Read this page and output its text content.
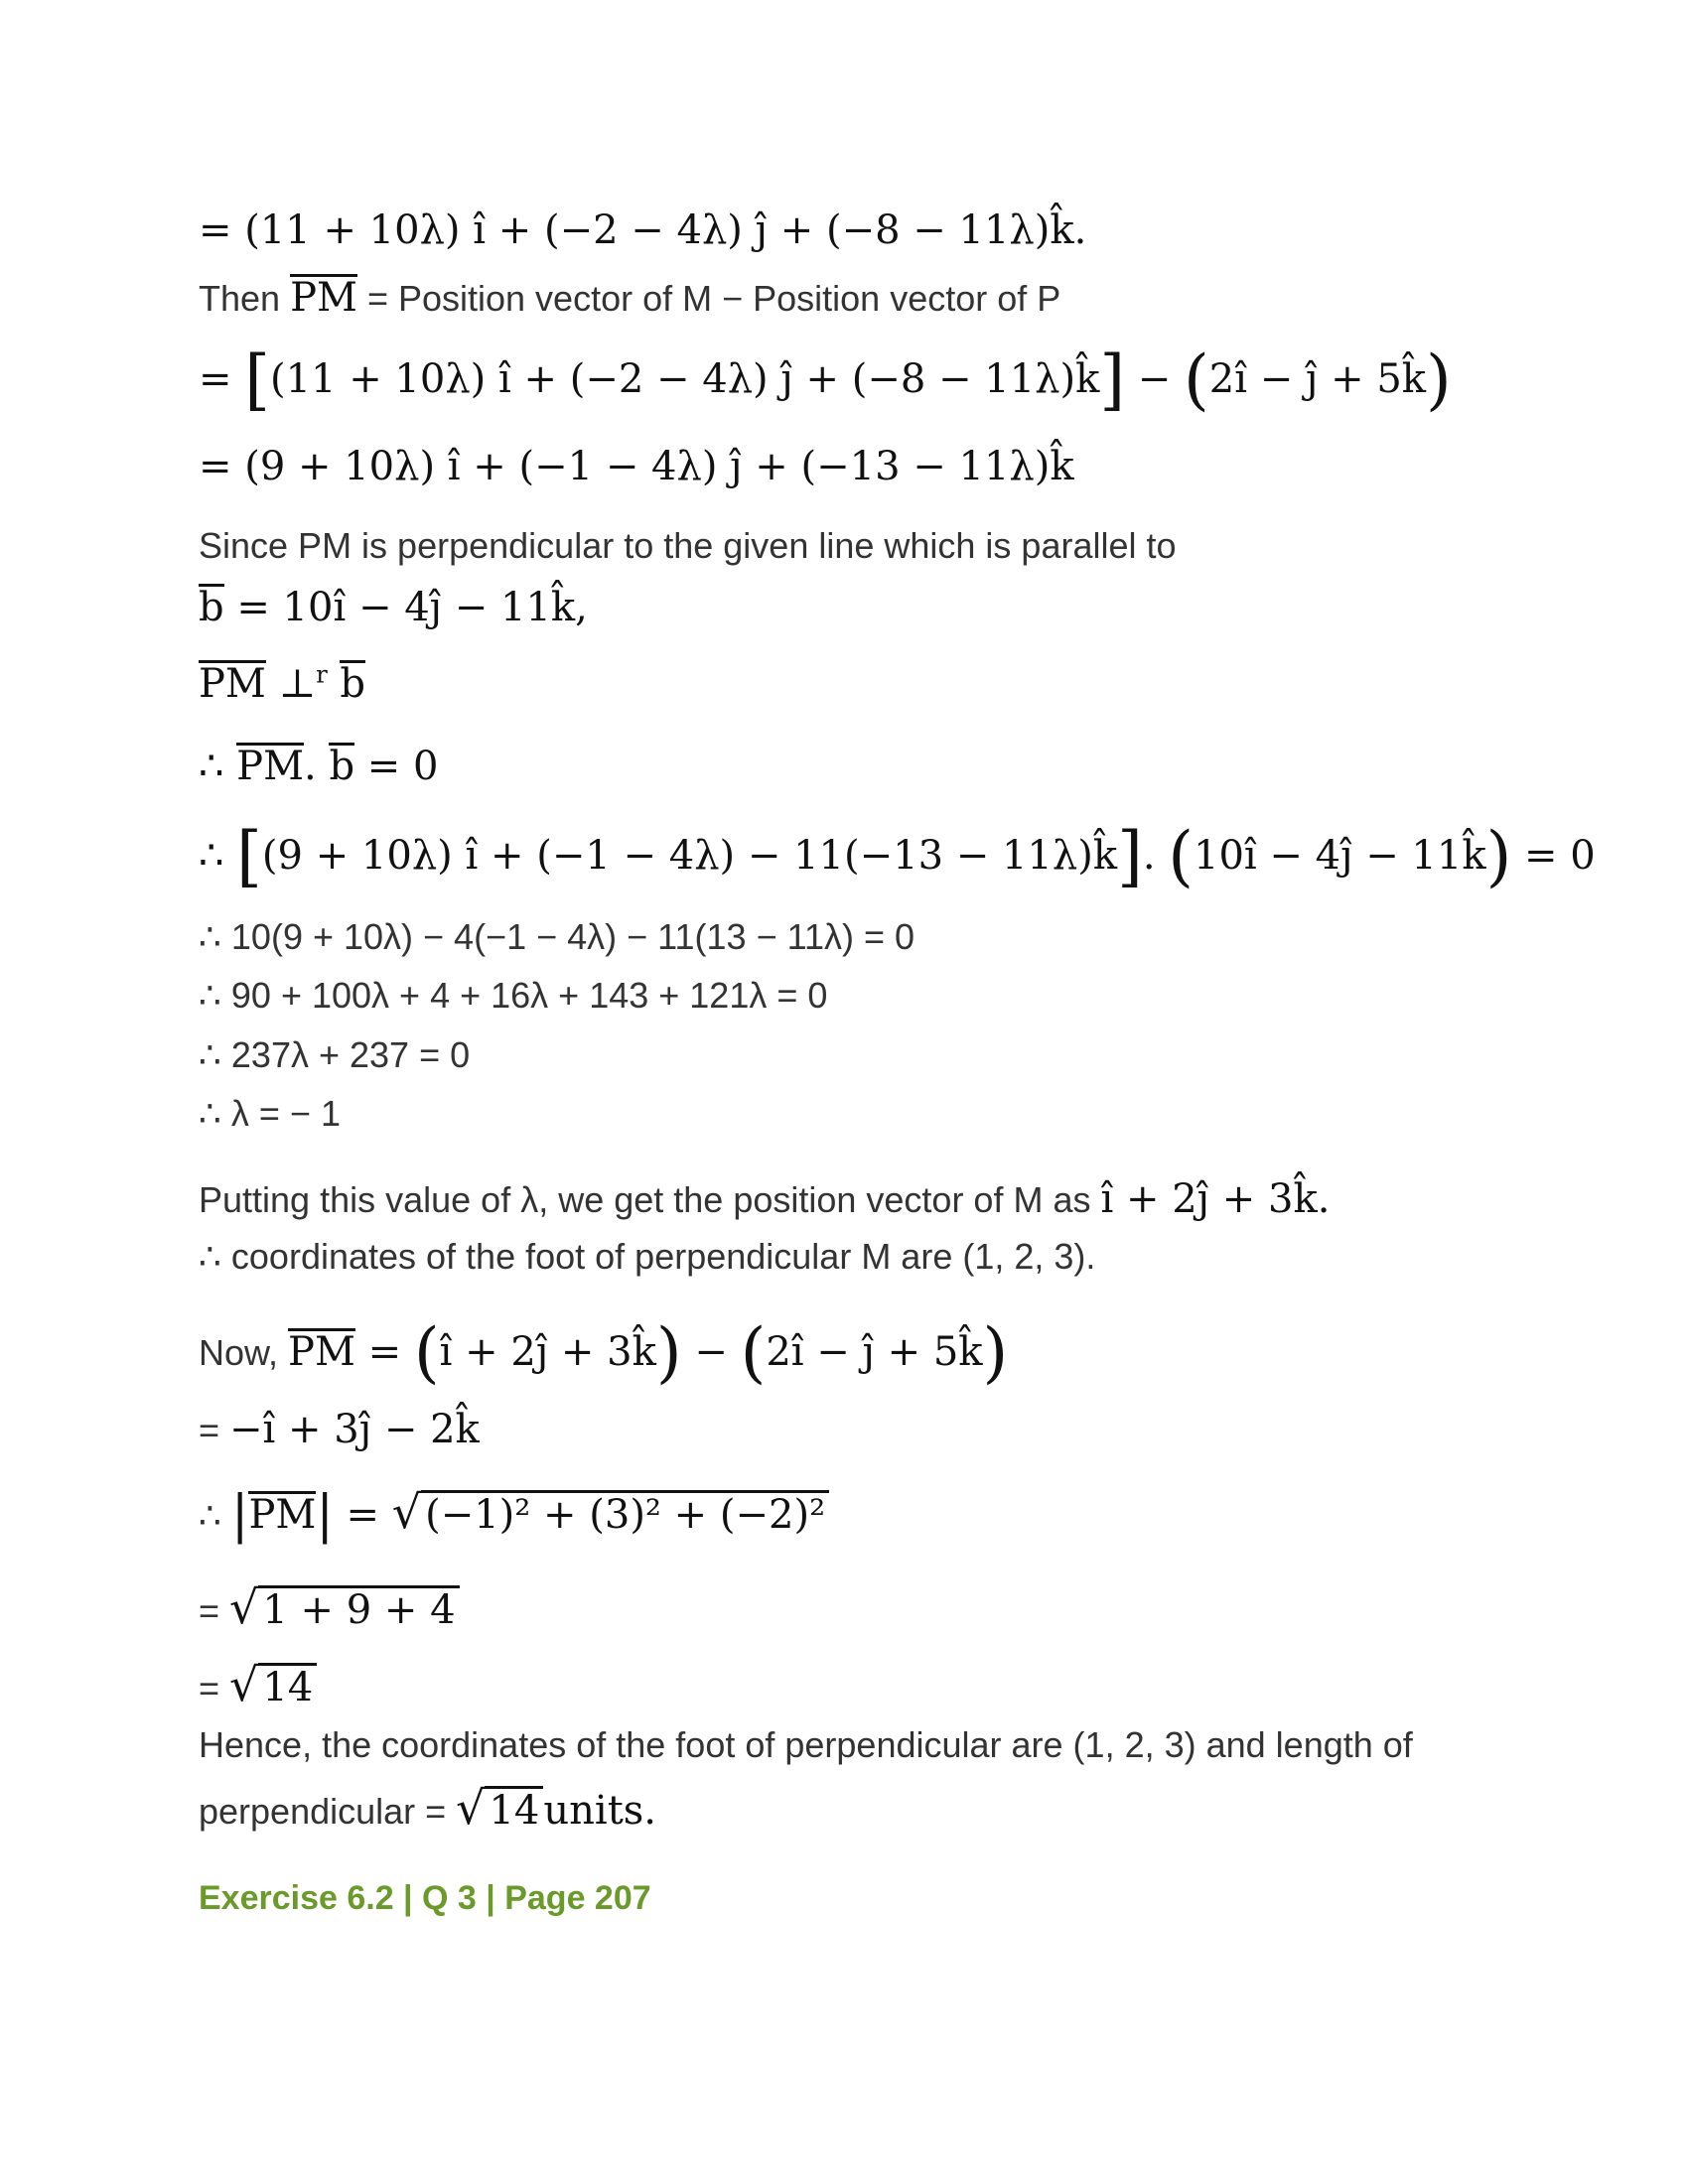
= (11 + 10λ) î + (−2 − 4λ) ĵ + (−8 − 11λ)k̂.
Then PM = Position vector of M − Position vector of P
= [(11 + 10λ) î + (−2 − 4λ) ĵ + (−8 − 11λ)k̂] − (2î − ĵ + 5k̂)
= (9 + 10λ) î + (−1 − 4λ) ĵ + (−13 − 11λ)k̂
Since PM is perpendicular to the given line which is parallel to
b = 10î − 4ĵ − 11k̂,
PM ⊥$^r$ b
∴ PM. b = 0
∴ [(9 + 10λ) î + (−1 − 4λ) − 11(−13 − 11λ)k̂]. (10î − 4ĵ − 11k̂) = 0
∴ 10(9 + 10λ) − 4(−1 − 4λ) − 11(13 − 11λ) = 0
∴ 90 + 100λ + 4 + 16λ + 143 + 121λ = 0
∴ 237λ + 237 = 0
∴ λ = − 1
Putting this value of λ, we get the position vector of M as î + 2ĵ + 3k̂.
∴ coordinates of the foot of perpendicular M are (1, 2, 3).
Now, PM = (î + 2ĵ + 3k̂) − (2î − ĵ + 5k̂)
= −î + 3ĵ − 2k̂
∴ |PM| = √ (−1)² + (3)² + (−2)²
= √ 1 + 9 + 4
= √ 14
Hence, the coordinates of the foot of perpendicular are (1, 2, 3) and length of
perpendicular = √ 14 units.
Exercise 6.2 | Q 3 | Page 207
